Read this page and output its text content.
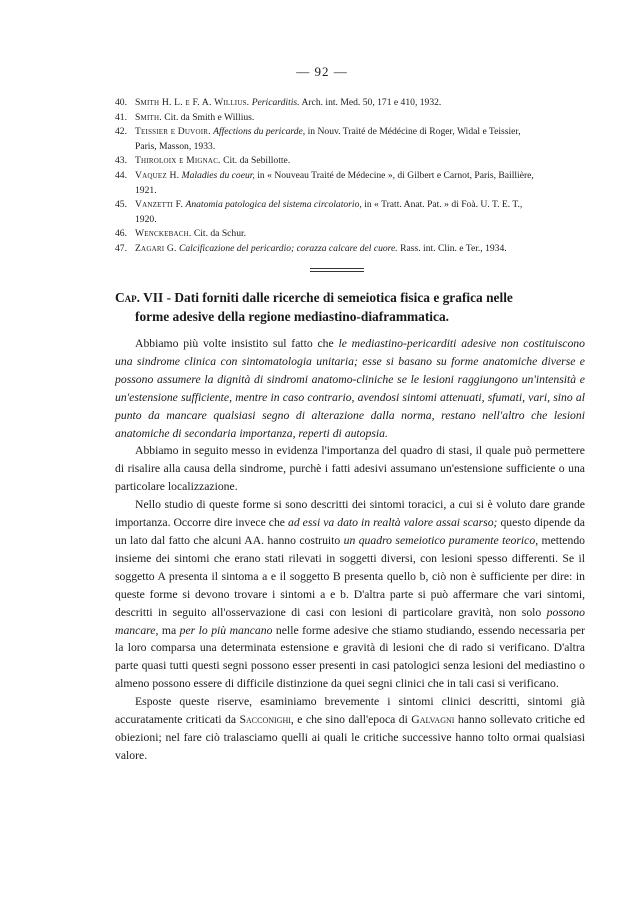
— 92 —
40. Smith H. L. e F. A. Willius. Pericarditis. Arch. int. Med. 50, 171 e 410, 1932.
41. Smith. Cit. da Smith e Willius.
42. Teissier e Duvoir. Affections du pericarde, in Nouv. Traité de Médécine di Roger, Widal e Teissier, Paris, Masson, 1933.
43. Thiroloix e Mignac. Cit. da Sebillotte.
44. Vaquez H. Maladies du coeur, in « Nouveau Traité de Médecine », di Gilbert e Carnot, Paris, Baillière, 1921.
45. Vanzetti F. Anatomia patologica del sistema circolatorio, in « Tratt. Anat. Pat. » di Foà. U. T. E. T., 1920.
46. Wenckebach. Cit. da Schur.
47. Zagari G. Calcificazione del pericardio; corazza calcare del cuore. Rass. int. Clin. e Ter., 1934.
Cap. VII - Dati forniti dalle ricerche di semeiotica fisica e grafica nelle
forme adesive della regione mediastino-diaframmatica.

Abbiamo più volte insistito sul fatto che le mediastino-pericarditi adesive non costituiscono una sindrome clinica con sintomatologia unitaria; esse si basano su forme anatomiche diverse e possono assumere la dignità di sindromi anatomo-cliniche se le lesioni raggiungono un'intensità e un'estensione sufficiente, mentre in caso contrario, avendosi sintomi attenuati, sfumati, vari, sino al punto da mancare qualsiasi segno di alterazione dalla norma, restano nell'altro che lesioni anatomiche di secondaria importanza, reperti di autopsia.

Abbiamo in seguito messo in evidenza l'importanza del quadro di stasi, il quale può permettere di risalire alla causa della sindrome, purchè i fatti adesivi assumano un'estensione sufficiente o una particolare localizzazione.

Nello studio di queste forme si sono descritti dei sintomi toracici, a cui si è voluto dare grande importanza. Occorre dire invece che ad essi va dato in realtà valore assai scarso; questo dipende da un lato dal fatto che alcuni AA. hanno costruito un quadro semeiotico puramente teorico, mettendo insieme dei sintomi che erano stati rilevati in soggetti diversi, con lesioni spesso differenti. Se il soggetto A presenta il sintoma a e il soggetto B presenta quello b, ciò non è sufficiente per dire: in queste forme si devono trovare i sintomi a e b. D'altra parte si può affermare che vari sintomi, descritti in seguito all'osservazione di casi con lesioni di particolare gravità, non solo possono mancare, ma per lo più mancano nelle forme adesive che stiamo studiando, essendo necessaria per la loro comparsa una determinata estensione e gravità di lesioni che di rado si verificano. D'altra parte quasi tutti questi segni possono esser presenti in casi patologici senza lesioni del mediastino o almeno possono essere di difficile distinzione da quei segni clinici che in tali casi si verificano.

Esposte queste riserve, esaminiamo brevemente i sintomi clinici descritti, sintomi già accuratamente criticati da Sacconighi, e che sino dall'epoca di Galvagni hanno sollevato critiche ed obiezioni; nel fare ciò tralasciamo quelli ai quali le critiche successive hanno tolto ormai qualsiasi valore.
